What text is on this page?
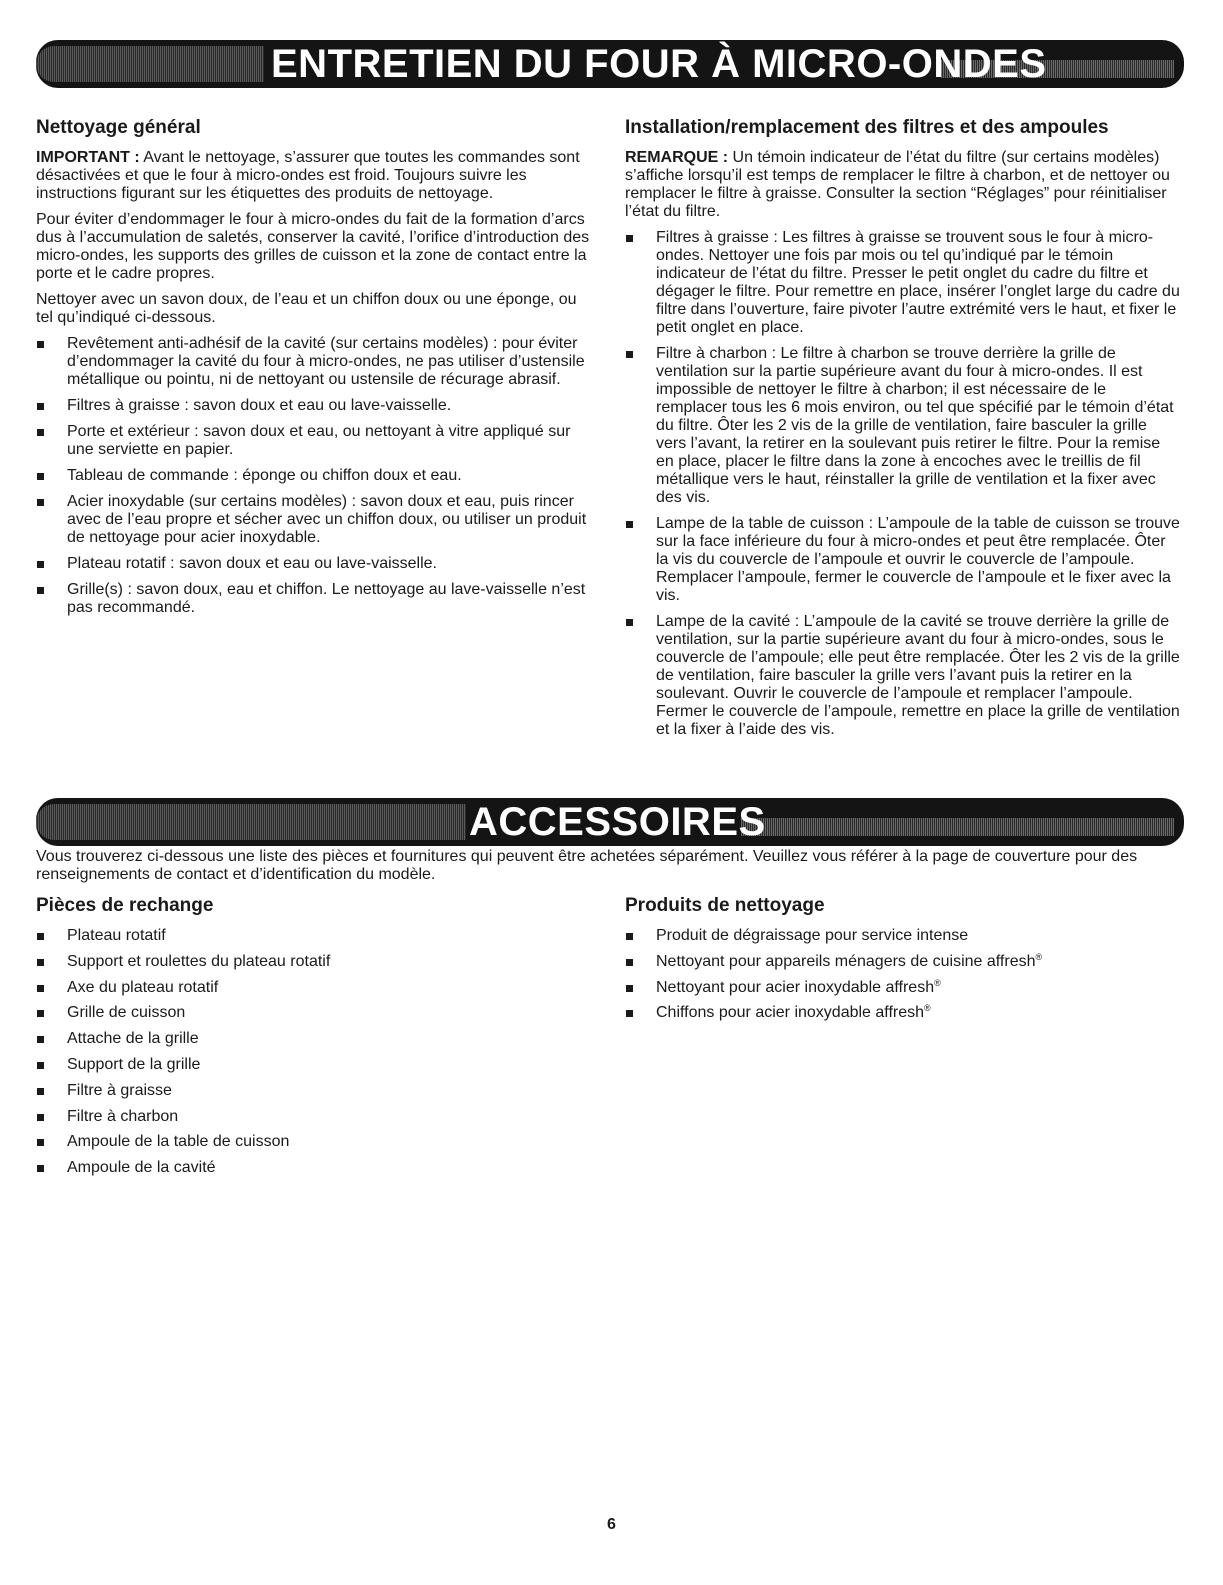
ENTRETIEN DU FOUR À MICRO-ONDES
Nettoyage général

IMPORTANT : Avant le nettoyage, s’assurer que toutes les commandes sont désactivées et que le four à micro-ondes est froid. Toujours suivre les instructions figurant sur les étiquettes des produits de nettoyage.

Pour éviter d’endommager le four à micro-ondes du fait de la formation d’arcs dus à l’accumulation de saletés, conserver la cavité, l’orifice d’introduction des micro-ondes, les supports des grilles de cuisson et la zone de contact entre la porte et le cadre propres.

Nettoyer avec un savon doux, de l’eau et un chiffon doux ou une éponge, ou tel qu’indiqué ci-dessous.

Revêtement anti-adhésif de la cavité (sur certains modèles) : pour éviter d’endommager la cavité du four à micro-ondes, ne pas utiliser d’ustensile métallique ou pointu, ni de nettoyant ou ustensile de récurage abrasif.
Filtres à graisse : savon doux et eau ou lave-vaisselle.
Porte et extérieur : savon doux et eau, ou nettoyant à vitre appliqué sur une serviette en papier.
Tableau de commande : éponge ou chiffon doux et eau.
Acier inoxydable (sur certains modèles) : savon doux et eau, puis rincer avec de l’eau propre et sécher avec un chiffon doux, ou utiliser un produit de nettoyage pour acier inoxydable.
Plateau rotatif : savon doux et eau ou lave-vaisselle.
Grille(s) : savon doux, eau et chiffon. Le nettoyage au lave-vaisselle n’est pas recommandé.
Installation/remplacement des filtres et des ampoules

REMARQUE : Un témoin indicateur de l’état du filtre (sur certains modèles) s’affiche lorsqu’il est temps de remplacer le filtre à charbon, et de nettoyer ou remplacer le filtre à graisse. Consulter la section “Réglages” pour réinitialiser l’état du filtre.

Filtres à graisse : Les filtres à graisse se trouvent sous le four à micro-ondes. Nettoyer une fois par mois ou tel qu’indiqué par le témoin indicateur de l’état du filtre. Presser le petit onglet du cadre du filtre et dégager le filtre. Pour remettre en place, insérer l’onglet large du cadre du filtre dans l’ouverture, faire pivoter l’autre extrémité vers le haut, et fixer le petit onglet en place.
Filtre à charbon : Le filtre à charbon se trouve derrière la grille de ventilation sur la partie supérieure avant du four à micro-ondes. Il est impossible de nettoyer le filtre à charbon; il est nécessaire de le remplacer tous les 6 mois environ, ou tel que spécifié par le témoin d’état du filtre. Ôter les 2 vis de la grille de ventilation, faire basculer la grille vers l’avant, la retirer en la soulevant puis retirer le filtre. Pour la remise en place, placer le filtre dans la zone à encoches avec le treillis de fil métallique vers le haut, réinstaller la grille de ventilation et la fixer avec des vis.
Lampe de la table de cuisson : L’ampoule de la table de cuisson se trouve sur la face inférieure du four à micro-ondes et peut être remplacée. Ôter la vis du couvercle de l’ampoule et ouvrir le couvercle de l’ampoule. Remplacer l’ampoule, fermer le couvercle de l’ampoule et le fixer avec la vis.
Lampe de la cavité : L’ampoule de la cavité se trouve derrière la grille de ventilation, sur la partie supérieure avant du four à micro-ondes, sous le couvercle de l’ampoule; elle peut être remplacée. Ôter les 2 vis de la grille de ventilation, faire basculer la grille vers l’avant puis la retirer en la soulevant. Ouvrir le couvercle de l’ampoule et remplacer l’ampoule. Fermer le couvercle de l’ampoule, remettre en place la grille de ventilation et la fixer à l’aide des vis.
ACCESSOIRES

Vous trouverez ci-dessous une liste des pièces et fournitures qui peuvent être achetées séparément. Veuillez vous référer à la page de couverture pour des renseignements de contact et d’identification du modèle.

Pièces de rechange
Plateau rotatif
Support et roulettes du plateau rotatif
Axe du plateau rotatif
Grille de cuisson
Attache de la grille
Support de la grille
Filtre à graisse
Filtre à charbon
Ampoule de la table de cuisson
Ampoule de la cavité
Produits de nettoyage
Produit de dégraissage pour service intense
Nettoyant pour appareils ménagers de cuisine affresh®
Nettoyant pour acier inoxydable affresh®
Chiffons pour acier inoxydable affresh®
6
